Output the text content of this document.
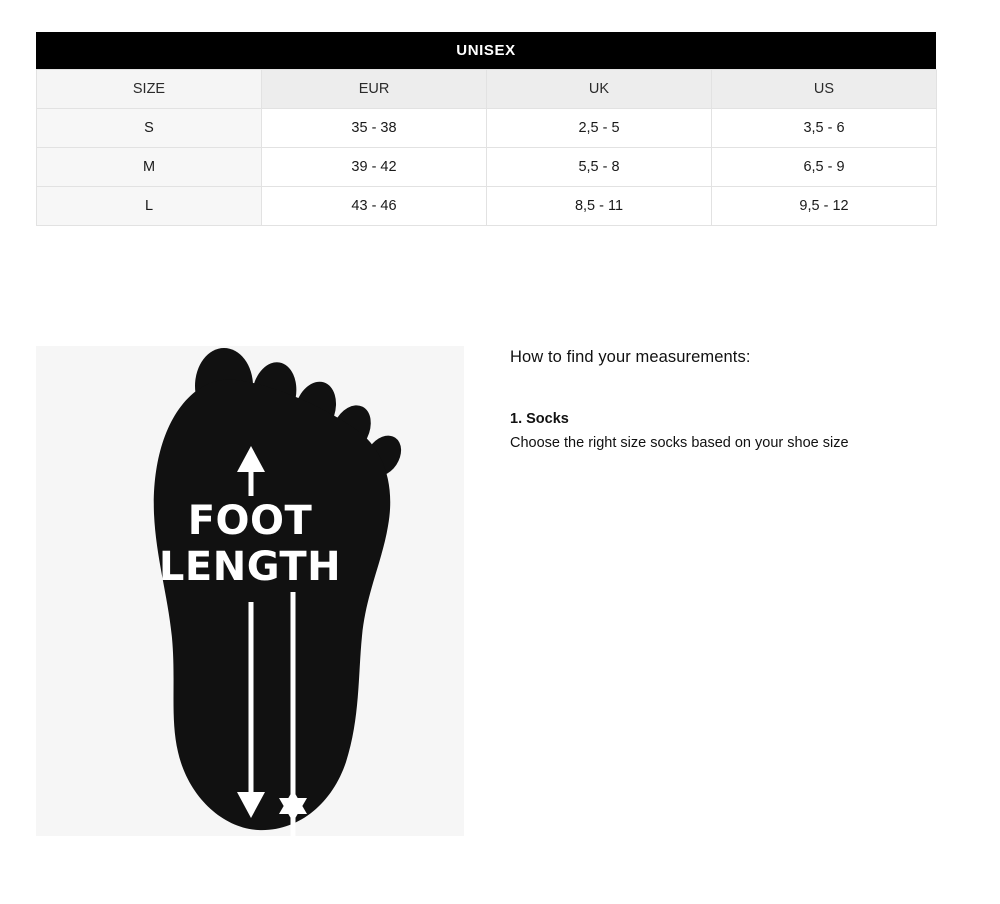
UNISEX
SIZE	EUR	UK	US
S	35 - 38	2,5 - 5	3,5 - 6
M	39 - 42	5,5 - 8	6,5 - 9
L	43 - 46	8,5 - 11	9,5 - 12
FOOT
LENGTH
How to find your measurements:

1. Socks

Choose the right size socks based on your shoe size
